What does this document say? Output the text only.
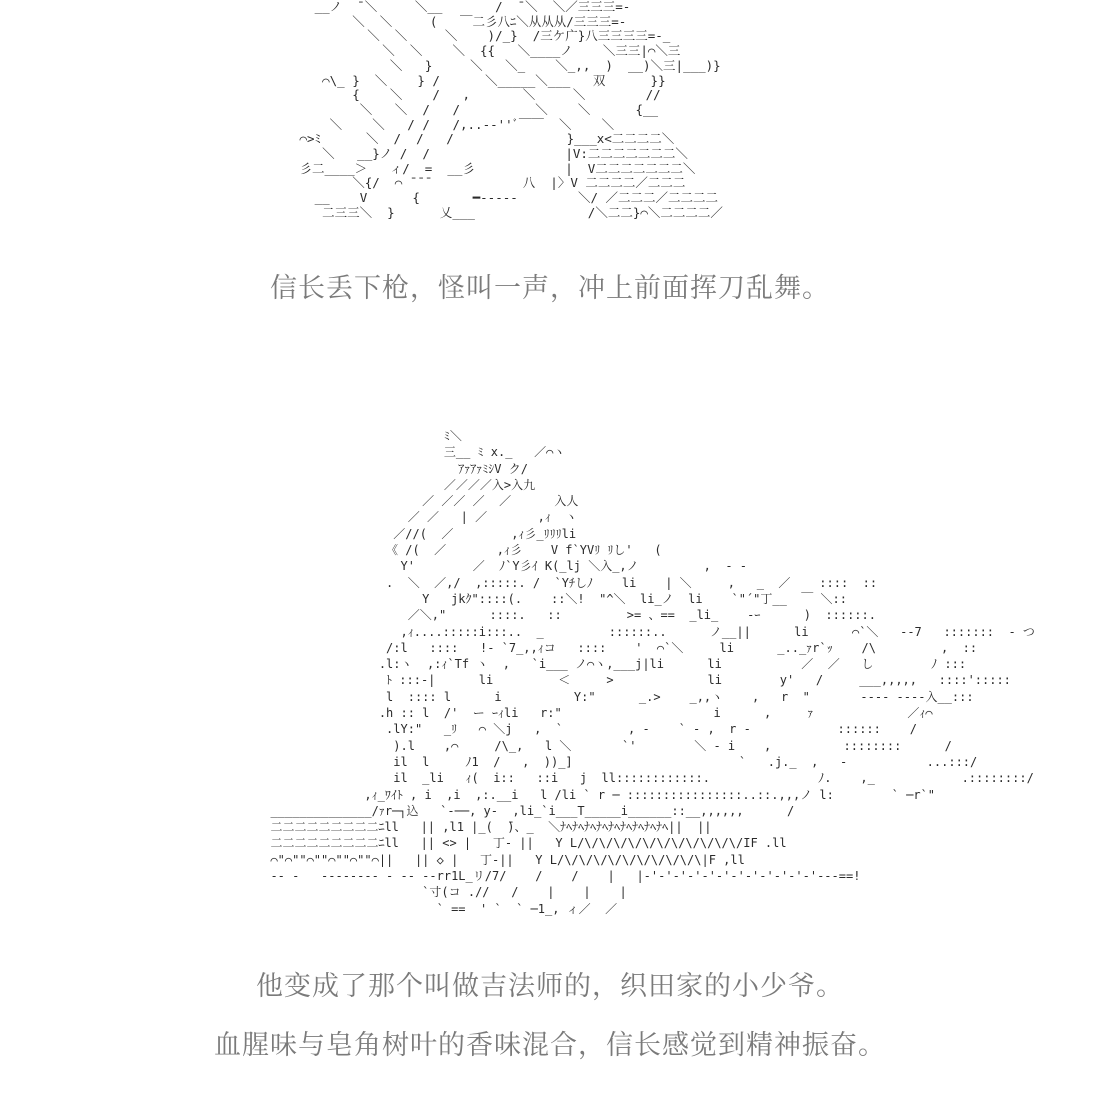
__ノ  ̄ ＼     ＼__       /  ̄ ＼  ＼／三三三=-
＼  ＼     (   ￣二彡八ﾆ＼从从从/三三三=-
＼  ＼     ＼    )/_}  /三ケ广}八三三三三=-_
＼  ＼    ＼  {{   ＼____ノ    ＼三三|⌒＼三
＼   }     ＼   ＼_    ＼_,,  )  __)＼三|___)}
⌒\_ }  ＼    } /      ＼_____＼___   双      }}
{    ＼    /   ,       ＼     ＼        //
＼   ＼  /   /          ＼    ＼      {__
＼    ＼   / /   /,..-‐''ﾞ￣￣  ＼    ＼
⌒>ﾐ      ＼  /  /   /               }___x<二二二二＼
＼   __}ノ /  /                  |V:二二二二二二二＼
彡二____＞   ィ/  =  __彡            |  V二二二二二二二＼
＼{/  ⌒ ̄ ̄ ̄             八  |〉V 二二二二／二二二
__    V      {       ━-----        ＼/ ／二二二／二二二二
二三三＼  }      乂___               /＼二二}⌒＼二二二二／
信长丢下枪，怪叫一声，冲上前面挥刀乱舞。
ﾐ＼
三__ ﾐ x._   ／⌒ヽ
ｱｧｱｧﾐｼV ク/
／／／／入>入九
／ ／／ ／  ／      入人
／ ／   | ／       ,ｨ  ヽ
／//(  ／        ,ｨ彡_ﾘﾘﾘli
《 /(  ／       ,ｨ彡    V f`YVﾘ ﾘし'   (
Y'        ／  ﾉ`Y彡ｲ K(_lj ＼入_,ノ         ,  - -
.  ＼  ／,/  ,:::::. /  `Yﾁしﾉ    li    | ＼     ,   _  ／    ::::  ::
Y   jkｸ"::::(.    ::＼!  "^＼  li_ノ  li    `"´"丁__  ￣ ＼::
／＼,"      ::::.   ::         >= 、==  _li_    -ｰ      )  ::::::.
,ｨ....:::::i:::..  _         ::::::..      ノ__||      li      ⌒`＼   --7   :::::::  - つ
/:l   ::::   !- `7_,,ｨコ   ::::    '  ⌒`＼     li      _.._ｧr`ｯ    /\         ,  ::
.l:ヽ  ,:ｨ`Tf ヽ  ,   `i___ ノ⌒ヽ,___j|li      li           ／  ／   し        ﾉ :::
ﾄ :::-|      li         ＜     >             li        y'   /     ___,,,,,   ::::':::::
l  :::: l      i          Y:"      _.>    _,,ヽ    ,   r  "       ---- ----入__:::
.h :: l  /'  ー ｰｨli   r:"                     i      ,     ｧ             ／ｨ⌒
.lY:"   _ﾘ   ⌒ ＼j   ,  `         , -    ` - ,  r -            ::::::    /
).l    ,⌒     /\_,   l ＼       `'        ＼ - i    ,          ::::::::      /
il  l     ﾉ1  /   ,  ))_]                       `   .j._  ,   -           ...:::/
il  _li   ｨ(  i::   ::i   j  ll::::::::::::.               ﾉ.    ,_            .::::::::/
,ｨ_ﾜｲﾄ , i  ,i  ,:.__i   l /li ` r ─ ::::::::::::::::..::.,,,ノ l:        ` ─r`"
______________/ｧr─┐込   `-──, y-  ,li_`i___T_____i______::__,,,,,,      /
二二二二二二二二二ﾆll   || ,l1 |_(  ̄)、_  ＼ﾅﾍﾅﾍﾅﾍﾅﾍﾅﾍﾅﾍﾅﾍﾅﾍﾅﾍ||  ||
二二二二二二二二二ﾆll   || <> |   丁- ||   Y L/\/\/\/\/\/\/\/\/\/\/\/IF .ll
⌒"⌒""⌒""⌒""⌒""⌒||   || ◇ |   丁-||   Y L/\/\/\/\/\/\/\/\/\/\|F ,ll
-- -   -------- - -- --rr1L_リ/7/    /    /    |   |-'-'-'-'-'-'-'-'-'-'-'-'---==!
`寸(コ .//   /    |    |    |
` ==  ' `  ` ─1_, ィ／  ／
他变成了那个叫做吉法师的，织田家的小少爷。
血腥味与皂角树叶的香味混合，信长感觉到精神振奋。
